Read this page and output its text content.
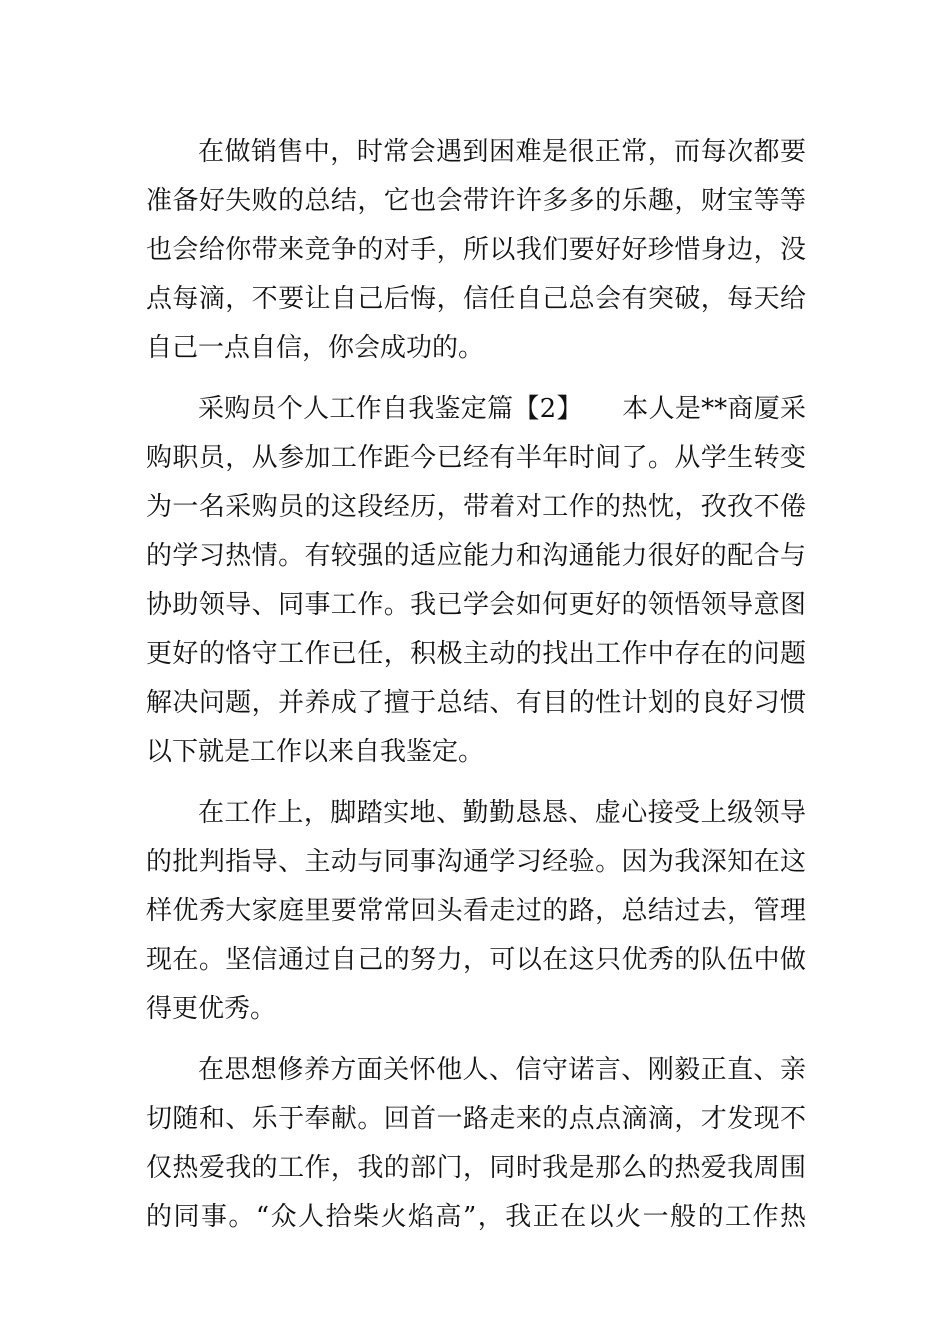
在做销售中，时常会遇到困难是很正常，而每次都要
准备好失败的总结，它也会带许许多多的乐趣，财宝等等
也会给你带来竞争的对手，所以我们要好好珍惜身边，没
点每滴，不要让自己后悔，信任自己总会有突破，每天给
自己一点自信，你会成功的。
采购员个人工作自我鉴定篇【2】　　本人是**商厦采
购职员，从参加工作距今已经有半年时间了。从学生转变
为一名采购员的这段经历，带着对工作的热忱，孜孜不倦
的学习热情。有较强的适应能力和沟通能力很好的配合与
协助领导、同事工作。我已学会如何更好的领悟领导意图
更好的恪守工作已任，积极主动的找出工作中存在的问题
解决问题，并养成了擅于总结、有目的性计划的良好习惯
以下就是工作以来自我鉴定。
在工作上，脚踏实地、勤勤恳恳、虚心接受上级领导
的批判指导、主动与同事沟通学习经验。因为我深知在这
样优秀大家庭里要常常回头看走过的路，总结过去，管理
现在。坚信通过自己的努力，可以在这只优秀的队伍中做
得更优秀。
在思想修养方面关怀他人、信守诺言、刚毅正直、亲
切随和、乐于奉献。回首一路走来的点点滴滴，才发现不
仅热爱我的工作，我的部门，同时我是那么的热爱我周围
的同事。“众人拾柴火焰高”，我正在以火一般的工作热
